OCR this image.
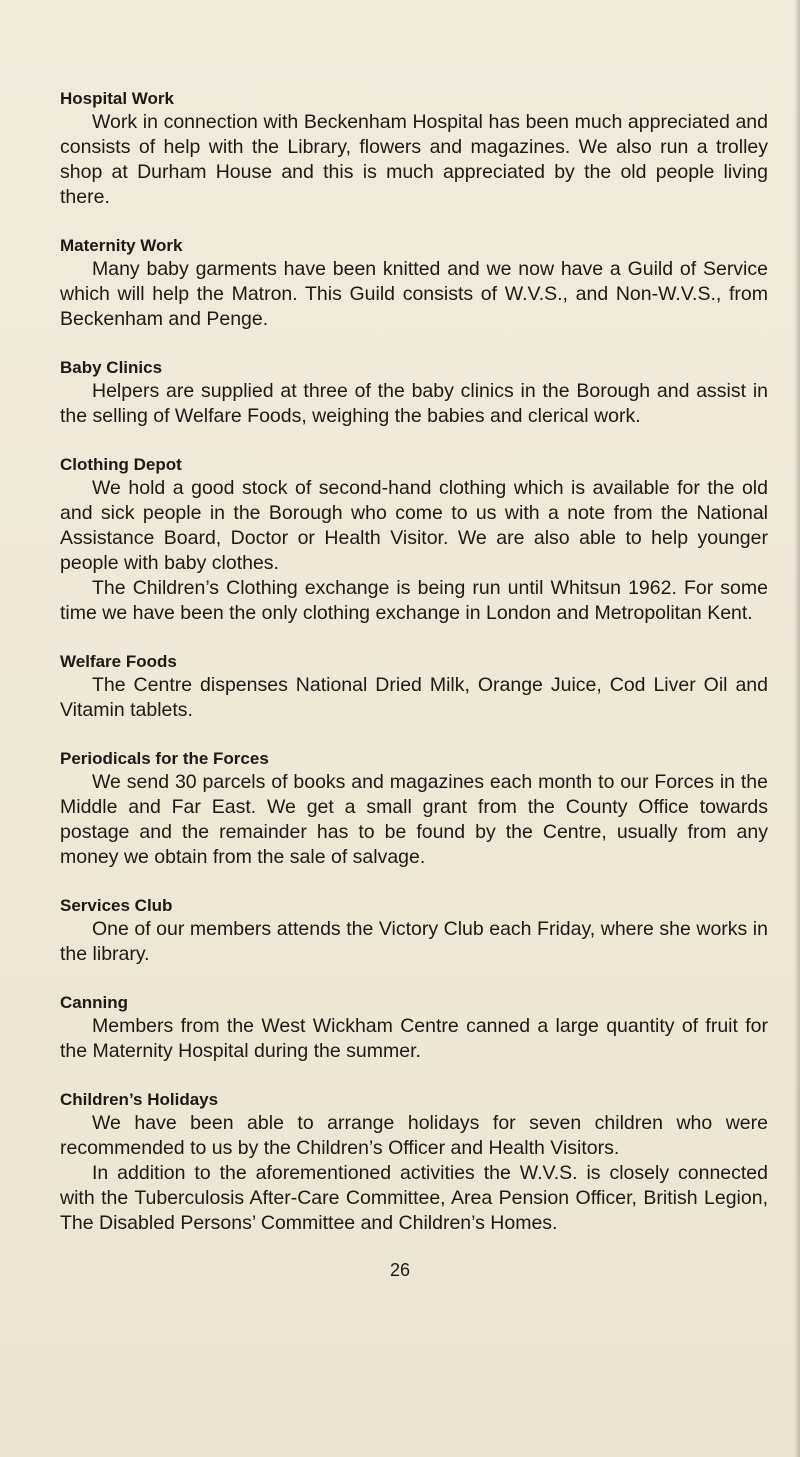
Hospital Work

Work in connection with Beckenham Hospital has been much appreciated and consists of help with the Library, flowers and magazines. We also run a trolley shop at Durham House and this is much appreciated by the old people living there.

Maternity Work

Many baby garments have been knitted and we now have a Guild of Service which will help the Matron. This Guild consists of W.V.S., and Non-W.V.S., from Beckenham and Penge.

Baby Clinics

Helpers are supplied at three of the baby clinics in the Borough and assist in the selling of Welfare Foods, weighing the babies and clerical work.

Clothing Depot

We hold a good stock of second-hand clothing which is available for the old and sick people in the Borough who come to us with a note from the National Assistance Board, Doctor or Health Visitor. We are also able to help younger people with baby clothes.

The Children’s Clothing exchange is being run until Whitsun 1962. For some time we have been the only clothing exchange in London and Metropolitan Kent.

Welfare Foods

The Centre dispenses National Dried Milk, Orange Juice, Cod Liver Oil and Vitamin tablets.

Periodicals for the Forces

We send 30 parcels of books and magazines each month to our Forces in the Middle and Far East. We get a small grant from the County Office towards postage and the remainder has to be found by the Centre, usually from any money we obtain from the sale of salvage.

Services Club

One of our members attends the Victory Club each Friday, where she works in the library.

Canning

Members from the West Wickham Centre canned a large quantity of fruit for the Maternity Hospital during the summer.

Children’s Holidays

We have been able to arrange holidays for seven children who were recommended to us by the Children’s Officer and Health Visitors.

In addition to the aforementioned activities the W.V.S. is closely connected with the Tuberculosis After-Care Committee, Area Pension Officer, British Legion, The Disabled Persons’ Committee and Children’s Homes.

26
